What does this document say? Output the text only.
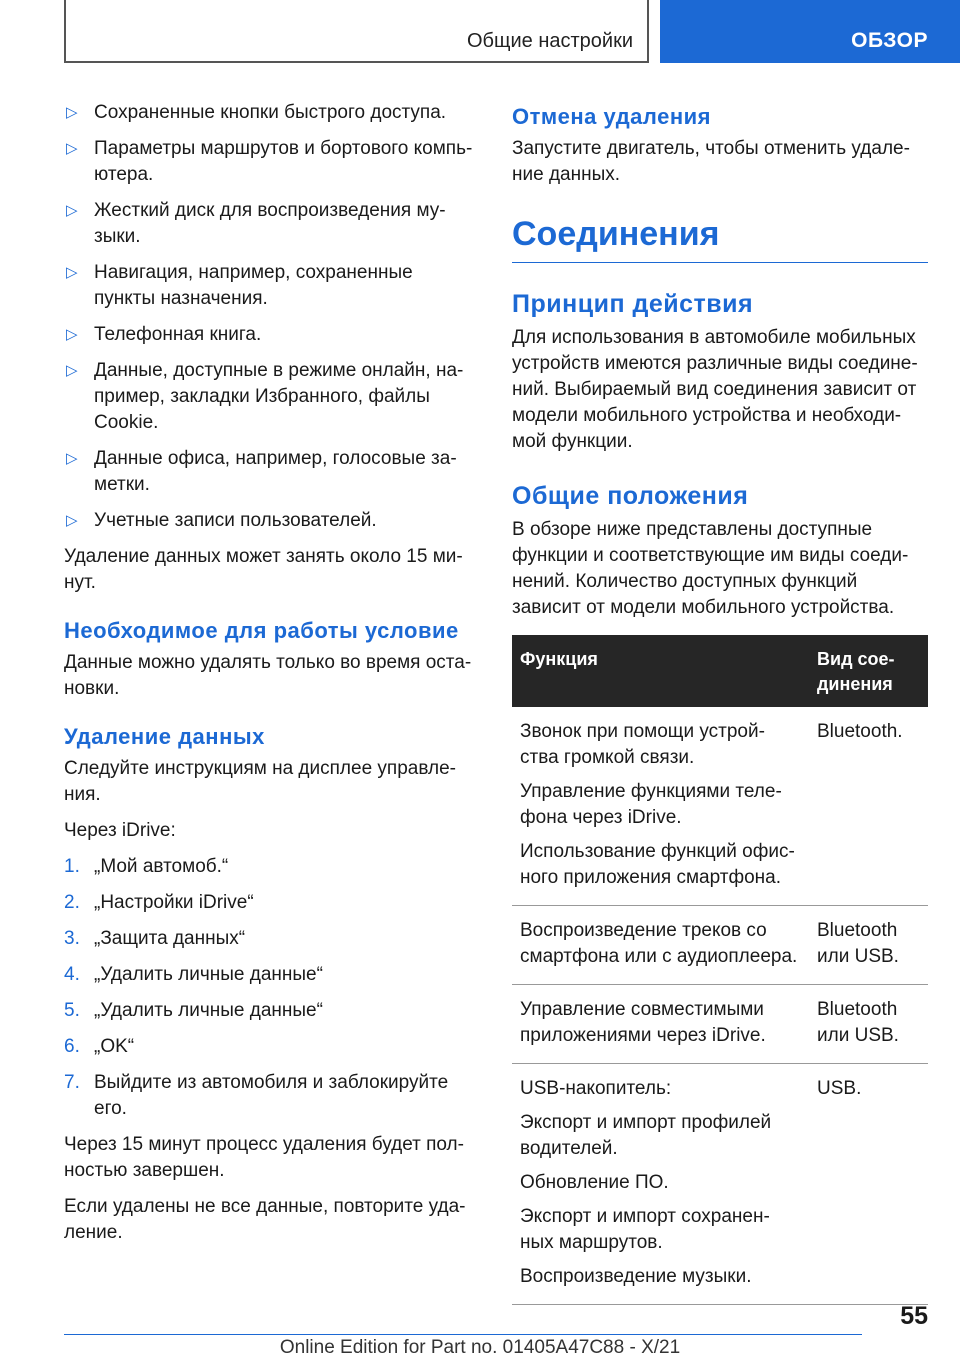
Общие настройки	ОБЗОР
▷ Сохраненные кнопки быстрого доступа.
▷ Параметры маршрутов и бортового компь-ютера.
▷ Жесткий диск для воспроизведения му-зыки.
▷ Навигация, например, сохраненные пункты назначения.
▷ Телефонная книга.
▷ Данные, доступные в режиме онлайн, на-пример, закладки Избранного, файлы Cookie.
▷ Данные офиса, например, голосовые за-метки.
▷ Учетные записи пользователей.

Удаление данных может занять около 15 ми-нут.

Необходимое для работы условие

Данные можно удалять только во время оста-новки.

Удаление данных

Следуйте инструкциям на дисплее управле-ния.

Через iDrive:

1. „Мой автомоб.“
2. „Настройки iDrive“
3. „Защита данных“
4. „Удалить личные данные“
5. „Удалить личные данные“
6. „OK“
7. Выйдите из автомобиля и заблокируйте его.

Через 15 минут процесс удаления будет пол-ностью завершен.

Если удалены не все данные, повторите уда-ление.

Отмена удаления

Запустите двигатель, чтобы отменить удале-ние данных.

Соединения
Принцип действия

Для использования в автомобиле мобильных устройств имеются различные виды соедине-ний. Выбираемый вид соединения зависит от модели мобильного устройства и необходи-мой функции.

Общие положения

В обзоре ниже представлены доступные функции и соответствующие им виды соеди-нений. Количество доступных функций зависит от модели мобильного устройства.

Функция	Вид сое-динения

Звонок при помощи устрой-ства громкой связи.

Управление функциями теле-фона через iDrive.

Использование функций офис-ного приложения смартфона.	Bluetooth.

Воспроизведение треков со смартфона или с аудиоплеера.	Bluetooth или USB.

Управление совместимыми приложениями через iDrive.	Bluetooth или USB.

USB-накопитель:

Экспорт и импорт профилей водителей.

Обновление ПО.

Экспорт и импорт сохранен-ных маршрутов.

Воспроизведение музыки.	USB.
55
Online Edition for Part no. 01405A47C88 - X/21
